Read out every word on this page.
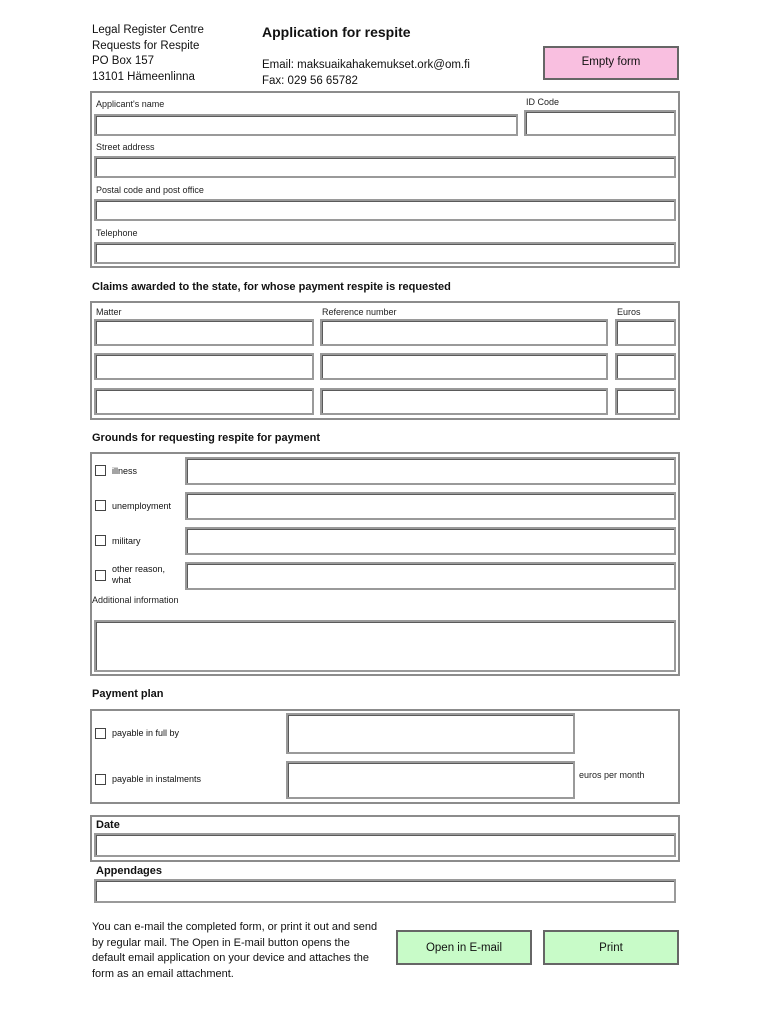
Legal Register Centre
Requests for Respite
PO Box 157
13101 Hämeenlinna
Application for respite
Email: maksuaikahakemukset.ork@om.fi
Fax: 029 56 65782
Empty form
Applicant's name	ID Code
Street address
Postal code and post office
Telephone
Claims awarded to the state, for whose payment respite is requested
Matter	Reference number	Euros
Grounds for requesting respite for payment
illness
unemployment
military
other reason, what
Additional information
Payment plan
payable in full by
payable in instalments	euros per month
Date
Appendages
You can e-mail the completed form, or print it out and send by regular mail. The Open in E-mail button opens the default email application on your device and attaches the form as an email attachment.
Open in E-mail	Print
